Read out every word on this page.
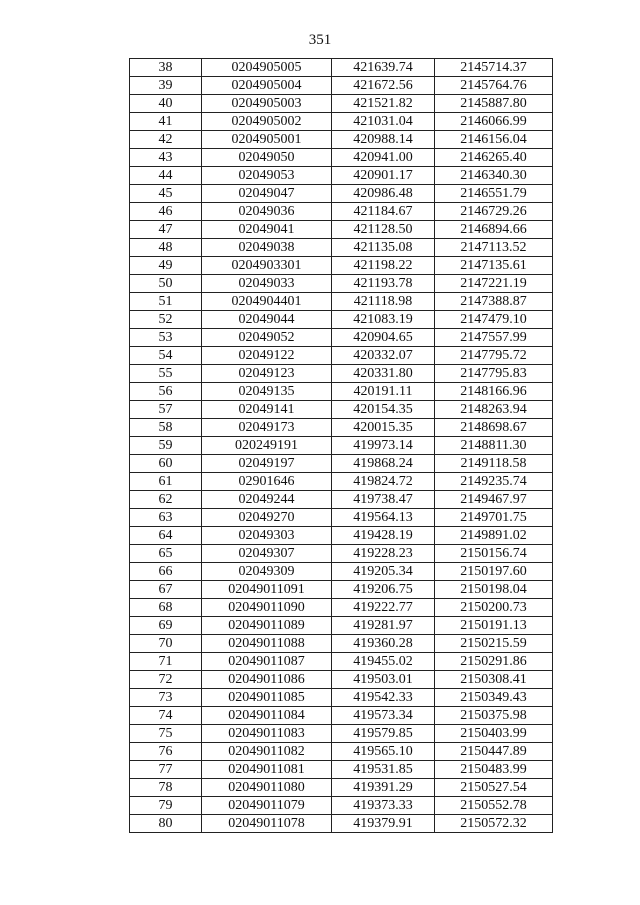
351
38	0204905005	421639.74	2145714.37
39	0204905004	421672.56	2145764.76
40	0204905003	421521.82	2145887.80
41	0204905002	421031.04	2146066.99
42	0204905001	420988.14	2146156.04
43	02049050	420941.00	2146265.40
44	02049053	420901.17	2146340.30
45	02049047	420986.48	2146551.79
46	02049036	421184.67	2146729.26
47	02049041	421128.50	2146894.66
48	02049038	421135.08	2147113.52
49	0204903301	421198.22	2147135.61
50	02049033	421193.78	2147221.19
51	0204904401	421118.98	2147388.87
52	02049044	421083.19	2147479.10
53	02049052	420904.65	2147557.99
54	02049122	420332.07	2147795.72
55	02049123	420331.80	2147795.83
56	02049135	420191.11	2148166.96
57	02049141	420154.35	2148263.94
58	02049173	420015.35	2148698.67
59	020249191	419973.14	2148811.30
60	02049197	419868.24	2149118.58
61	02901646	419824.72	2149235.74
62	02049244	419738.47	2149467.97
63	02049270	419564.13	2149701.75
64	02049303	419428.19	2149891.02
65	02049307	419228.23	2150156.74
66	02049309	419205.34	2150197.60
67	02049011091	419206.75	2150198.04
68	02049011090	419222.77	2150200.73
69	02049011089	419281.97	2150191.13
70	02049011088	419360.28	2150215.59
71	02049011087	419455.02	2150291.86
72	02049011086	419503.01	2150308.41
73	02049011085	419542.33	2150349.43
74	02049011084	419573.34	2150375.98
75	02049011083	419579.85	2150403.99
76	02049011082	419565.10	2150447.89
77	02049011081	419531.85	2150483.99
78	02049011080	419391.29	2150527.54
79	02049011079	419373.33	2150552.78
80	02049011078	419379.91	2150572.32
